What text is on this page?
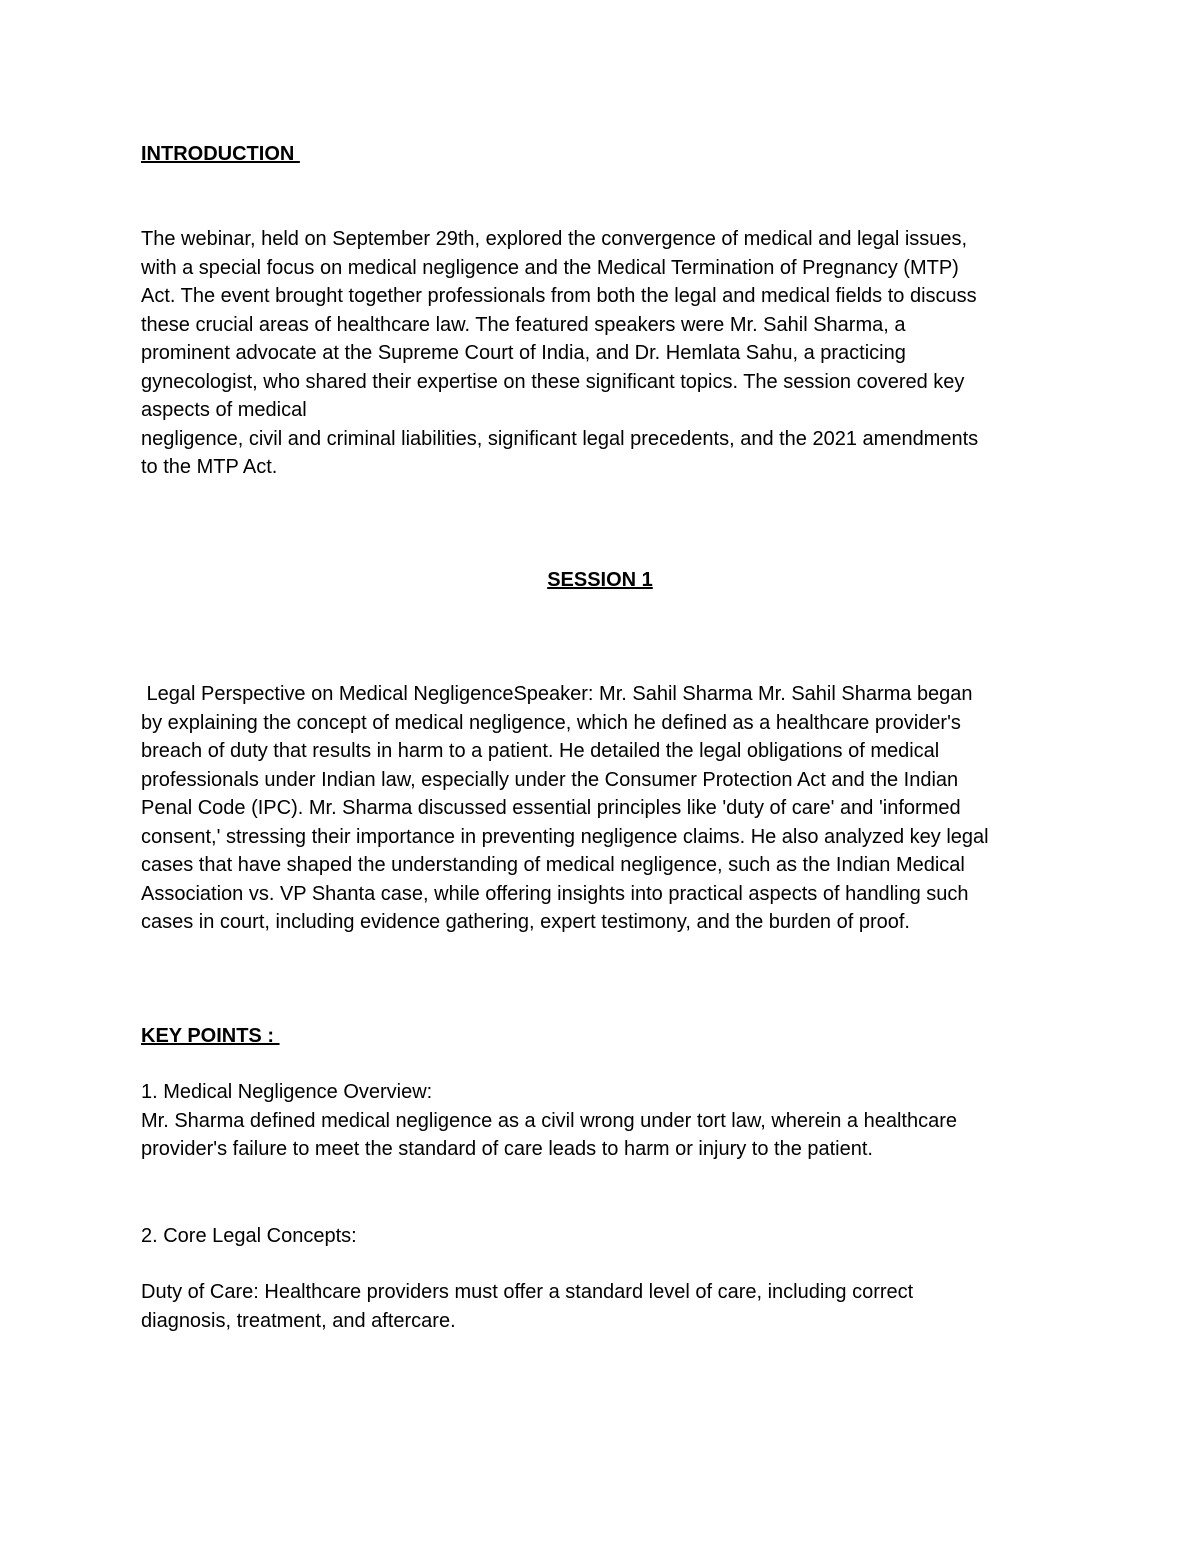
INTRODUCTION
The webinar, held on September 29th, explored the convergence of medical and legal issues,
with a special focus on medical negligence and the Medical Termination of Pregnancy (MTP)
Act. The event brought together professionals from both the legal and medical fields to discuss
these crucial areas of healthcare law. The featured speakers were Mr. Sahil Sharma, a
prominent advocate at the Supreme Court of India, and Dr. Hemlata Sahu, a practicing
gynecologist, who shared their expertise on these significant topics. The session covered key
aspects of medical
negligence, civil and criminal liabilities, significant legal precedents, and the 2021 amendments
to the MTP Act.
SESSION 1
Legal Perspective on Medical NegligenceSpeaker: Mr. Sahil Sharma Mr. Sahil Sharma began
by explaining the concept of medical negligence, which he defined as a healthcare provider's
breach of duty that results in harm to a patient. He detailed the legal obligations of medical
professionals under Indian law, especially under the Consumer Protection Act and the Indian
Penal Code (IPC). Mr. Sharma discussed essential principles like 'duty of care' and 'informed
consent,' stressing their importance in preventing negligence claims. He also analyzed key legal
cases that have shaped the understanding of medical negligence, such as the Indian Medical
Association vs. VP Shanta case, while offering insights into practical aspects of handling such
cases in court, including evidence gathering, expert testimony, and the burden of proof.
KEY POINTS :
1. Medical Negligence Overview:
Mr. Sharma defined medical negligence as a civil wrong under tort law, wherein a healthcare
provider's failure to meet the standard of care leads to harm or injury to the patient.
2. Core Legal Concepts:
Duty of Care: Healthcare providers must offer a standard level of care, including correct
diagnosis, treatment, and aftercare.
